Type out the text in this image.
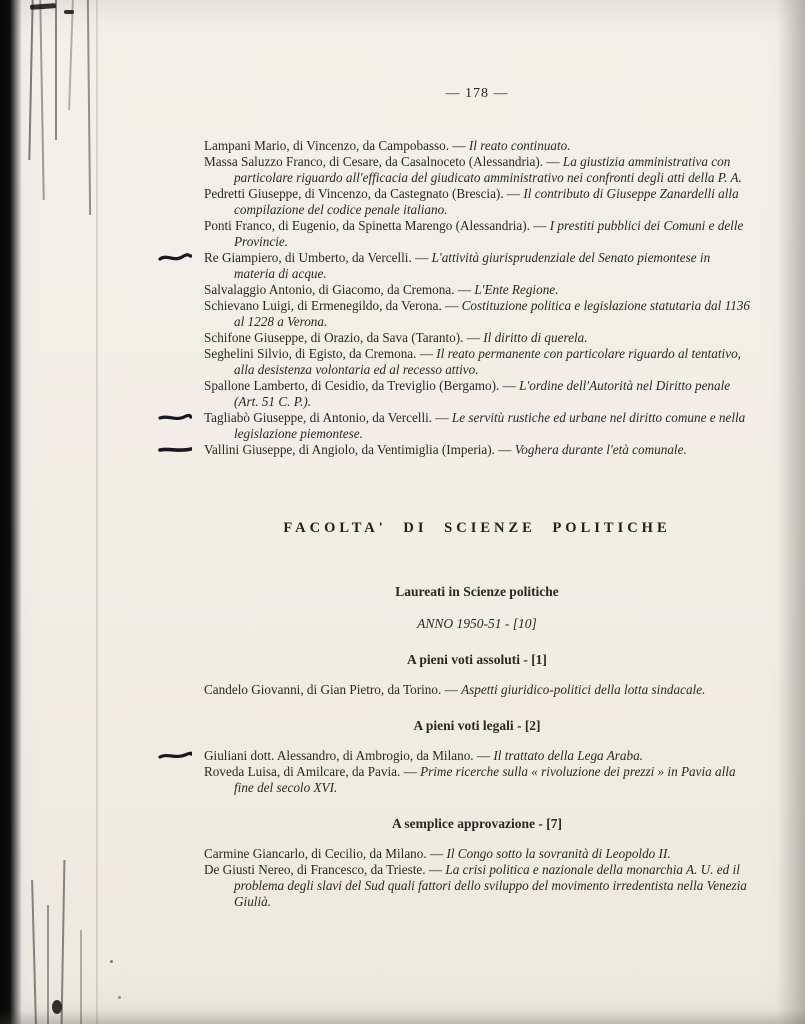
— 178 —
Lampani Mario, di Vincenzo, da Campobasso. — Il reato continuato.
Massa Saluzzo Franco, di Cesare, da Casalnoceto (Alessandria). — La giustizia amministrativa con particolare riguardo all'efficacia del giudicato amministrativo nei confronti degli atti della P. A.
Pedretti Giuseppe, di Vincenzo, da Castegnato (Brescia). — Il contributo di Giuseppe Zanardelli alla compilazione del codice penale italiano.
Ponti Franco, di Eugenio, da Spinetta Marengo (Alessandria). — I prestiti pubblici dei Comuni e delle Provincie.
Re Giampiero, di Umberto, da Vercelli. — L'attività giurisprudenziale del Senato piemontese in materia di acque.
Salvalaggio Antonio, di Giacomo, da Cremona. — L'Ente Regione.
Schievano Luigi, di Ermenegildo, da Verona. — Costituzione politica e legislazione statutaria dal 1136 al 1228 a Verona.
Schifone Giuseppe, di Orazio, da Sava (Taranto). — Il diritto di querela.
Seghelini Silvio, di Egisto, da Cremona. — Il reato permanente con particolare riguardo al tentativo, alla desistenza volontaria ed al recesso attivo.
Spallone Lamberto, di Cesidio, da Treviglio (Bergamo). — L'ordine dell'Autorità nel Diritto penale (Art. 51 C. P.).
Tagliabò Giuseppe, di Antonio, da Vercelli. — Le servitù rustiche ed urbane nel diritto comune e nella legislazione piemontese.
Vallini Giuseppe, di Angiolo, da Ventimiglia (Imperia). — Voghera durante l'età comunale.
FACOLTA' DI SCIENZE POLITICHE
Laureati in Scienze politiche
ANNO 1950-51 - [10]
A pieni voti assoluti - [1]
Candelo Giovanni, di Gian Pietro, da Torino. — Aspetti giuridico-politici della lotta sindacale.
A pieni voti legali - [2]
Giuliani dott. Alessandro, di Ambrogio, da Milano. — Il trattato della Lega Araba.
Roveda Luisa, di Amilcare, da Pavia. — Prime ricerche sulla « rivoluzione dei prezzi » in Pavia alla fine del secolo XVI.
A semplice approvazione - [7]
Carmine Giancarlo, di Cecilio, da Milano. — Il Congo sotto la sovranità di Leopoldo II.
De Giusti Nereo, di Francesco, da Trieste. — La crisi politica e nazionale della monarchia A. U. ed il problema degli slavi del Sud quali fattori dello sviluppo del movimento irredentista nella Venezia Giulià.
